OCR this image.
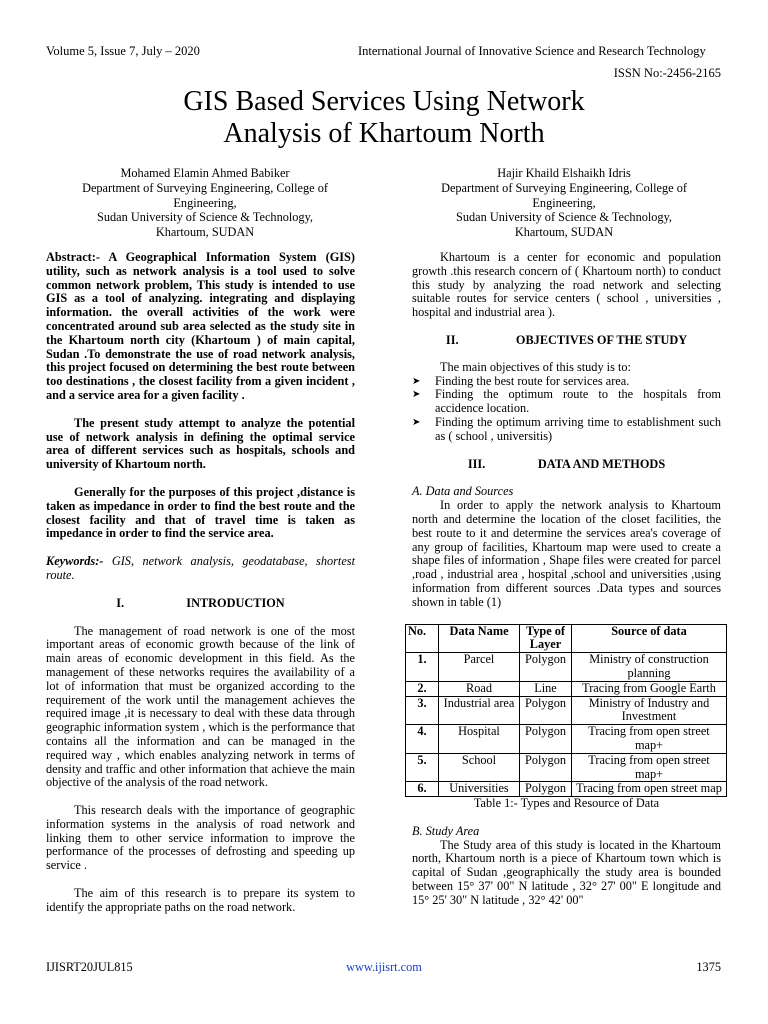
Volume 5, Issue 7, July – 2020	International Journal of Innovative Science and Research Technology
ISSN No:-2456-2165
GIS Based Services Using Network
Analysis of Khartoum North
Mohamed Elamin Ahmed Babiker
Department of Surveying Engineering, College of
Engineering,
Sudan University of Science & Technology,
Khartoum, SUDAN
Hajir Khaild Elshaikh Idris
Department of Surveying Engineering, College of
Engineering,
Sudan University of Science & Technology,
Khartoum, SUDAN

Abstract:- A Geographical Information System (GIS) utility, such as network analysis is a tool used to solve common network problem, This study is intended to use GIS as a tool of analyzing. integrating and displaying information. the overall activities of the work were concentrated around sub area selected as the study site in the Khartoum north city (Khartoum ) of main capital, Sudan .To demonstrate the use of road network analysis, this project focused on determining the best route between too destinations , the closest facility from a given incident , and a service area for a given facility .

The present study attempt to analyze the potential use of network analysis in defining the optimal service area of different services such as hospitals, schools and university of Khartoum north.

Generally for the purposes of this project ,distance is taken as impedance in order to find the best route and the closest facility and that of travel time is taken as impedance in order to find the service area.

Keywords:- GIS, network analysis, geodatabase, shortest route.

I.	INTRODUCTION

The management of road network is one of the most important areas of economic growth because of the link of main areas of economic development in this field. As the management of these networks requires the availability of a lot of information that must be organized according to the requirement of the work until the management achieves the required image ,it is necessary to deal with these data through geographic information system , which is the performance that contains all the information and can be managed in the required way , which enables analyzing network in terms of density and traffic and other information that achieve the main objective of the analysis of the road network.

This research deals with the importance of geographic information systems in the analysis of road network and linking them to other service information to improve the performance of the processes of defrosting and speeding up service .

The aim of this research is to prepare its system to identify the appropriate paths on the road network.

Khartoum is a center for economic and population growth .this research concern of ( Khartoum north) to conduct this study by analyzing the road network and selecting suitable routes for service centers ( school , universities , hospital and industrial area ).

II.	OBJECTIVES OF THE STUDY

The main objectives of this study is to:

➤ Finding the best route for services area.
➤ Finding the optimum route to the hospitals from accidence location.
➤ Finding the optimum arriving time to establishment such as ( school , universitis)
III.	DATA AND METHODS
A. Data and Sources

In order to apply the network analysis to Khartoum north and determine the location of the closet facilities, the best route to it and determine the services area's coverage of any group of facilities, Khartoum map were used to create a shape files of information , Shape files were created for parcel ,road , industrial area , hospital ,school and universities ,using information from different sources .Data types and sources shown in table (1)

No.	Data Name	Type of Layer	Source of data
1.	Parcel	Polygon	Ministry of construction planning
2.	Road	Line	Tracing from Google Earth
3.	Industrial area	Polygon	Ministry of Industry and Investment
4.	Hospital	Polygon	Tracing from open street map+
5.	School	Polygon	Tracing from open street map+
6.	Universities	Polygon	Tracing from open street map
Table 1:- Types and Resource of Data
B. Study Area

The Study area of this study is located in the Khartoum north, Khartoum north is a piece of Khartoum town which is capital of Sudan ,geographically the study area is bounded between 15° 37' 00" N latitude , 32° 27' 00" E longitude and 15° 25' 30" N latitude , 32° 42' 00"

IJISRT20JUL815	www.ijisrt.com	1375
